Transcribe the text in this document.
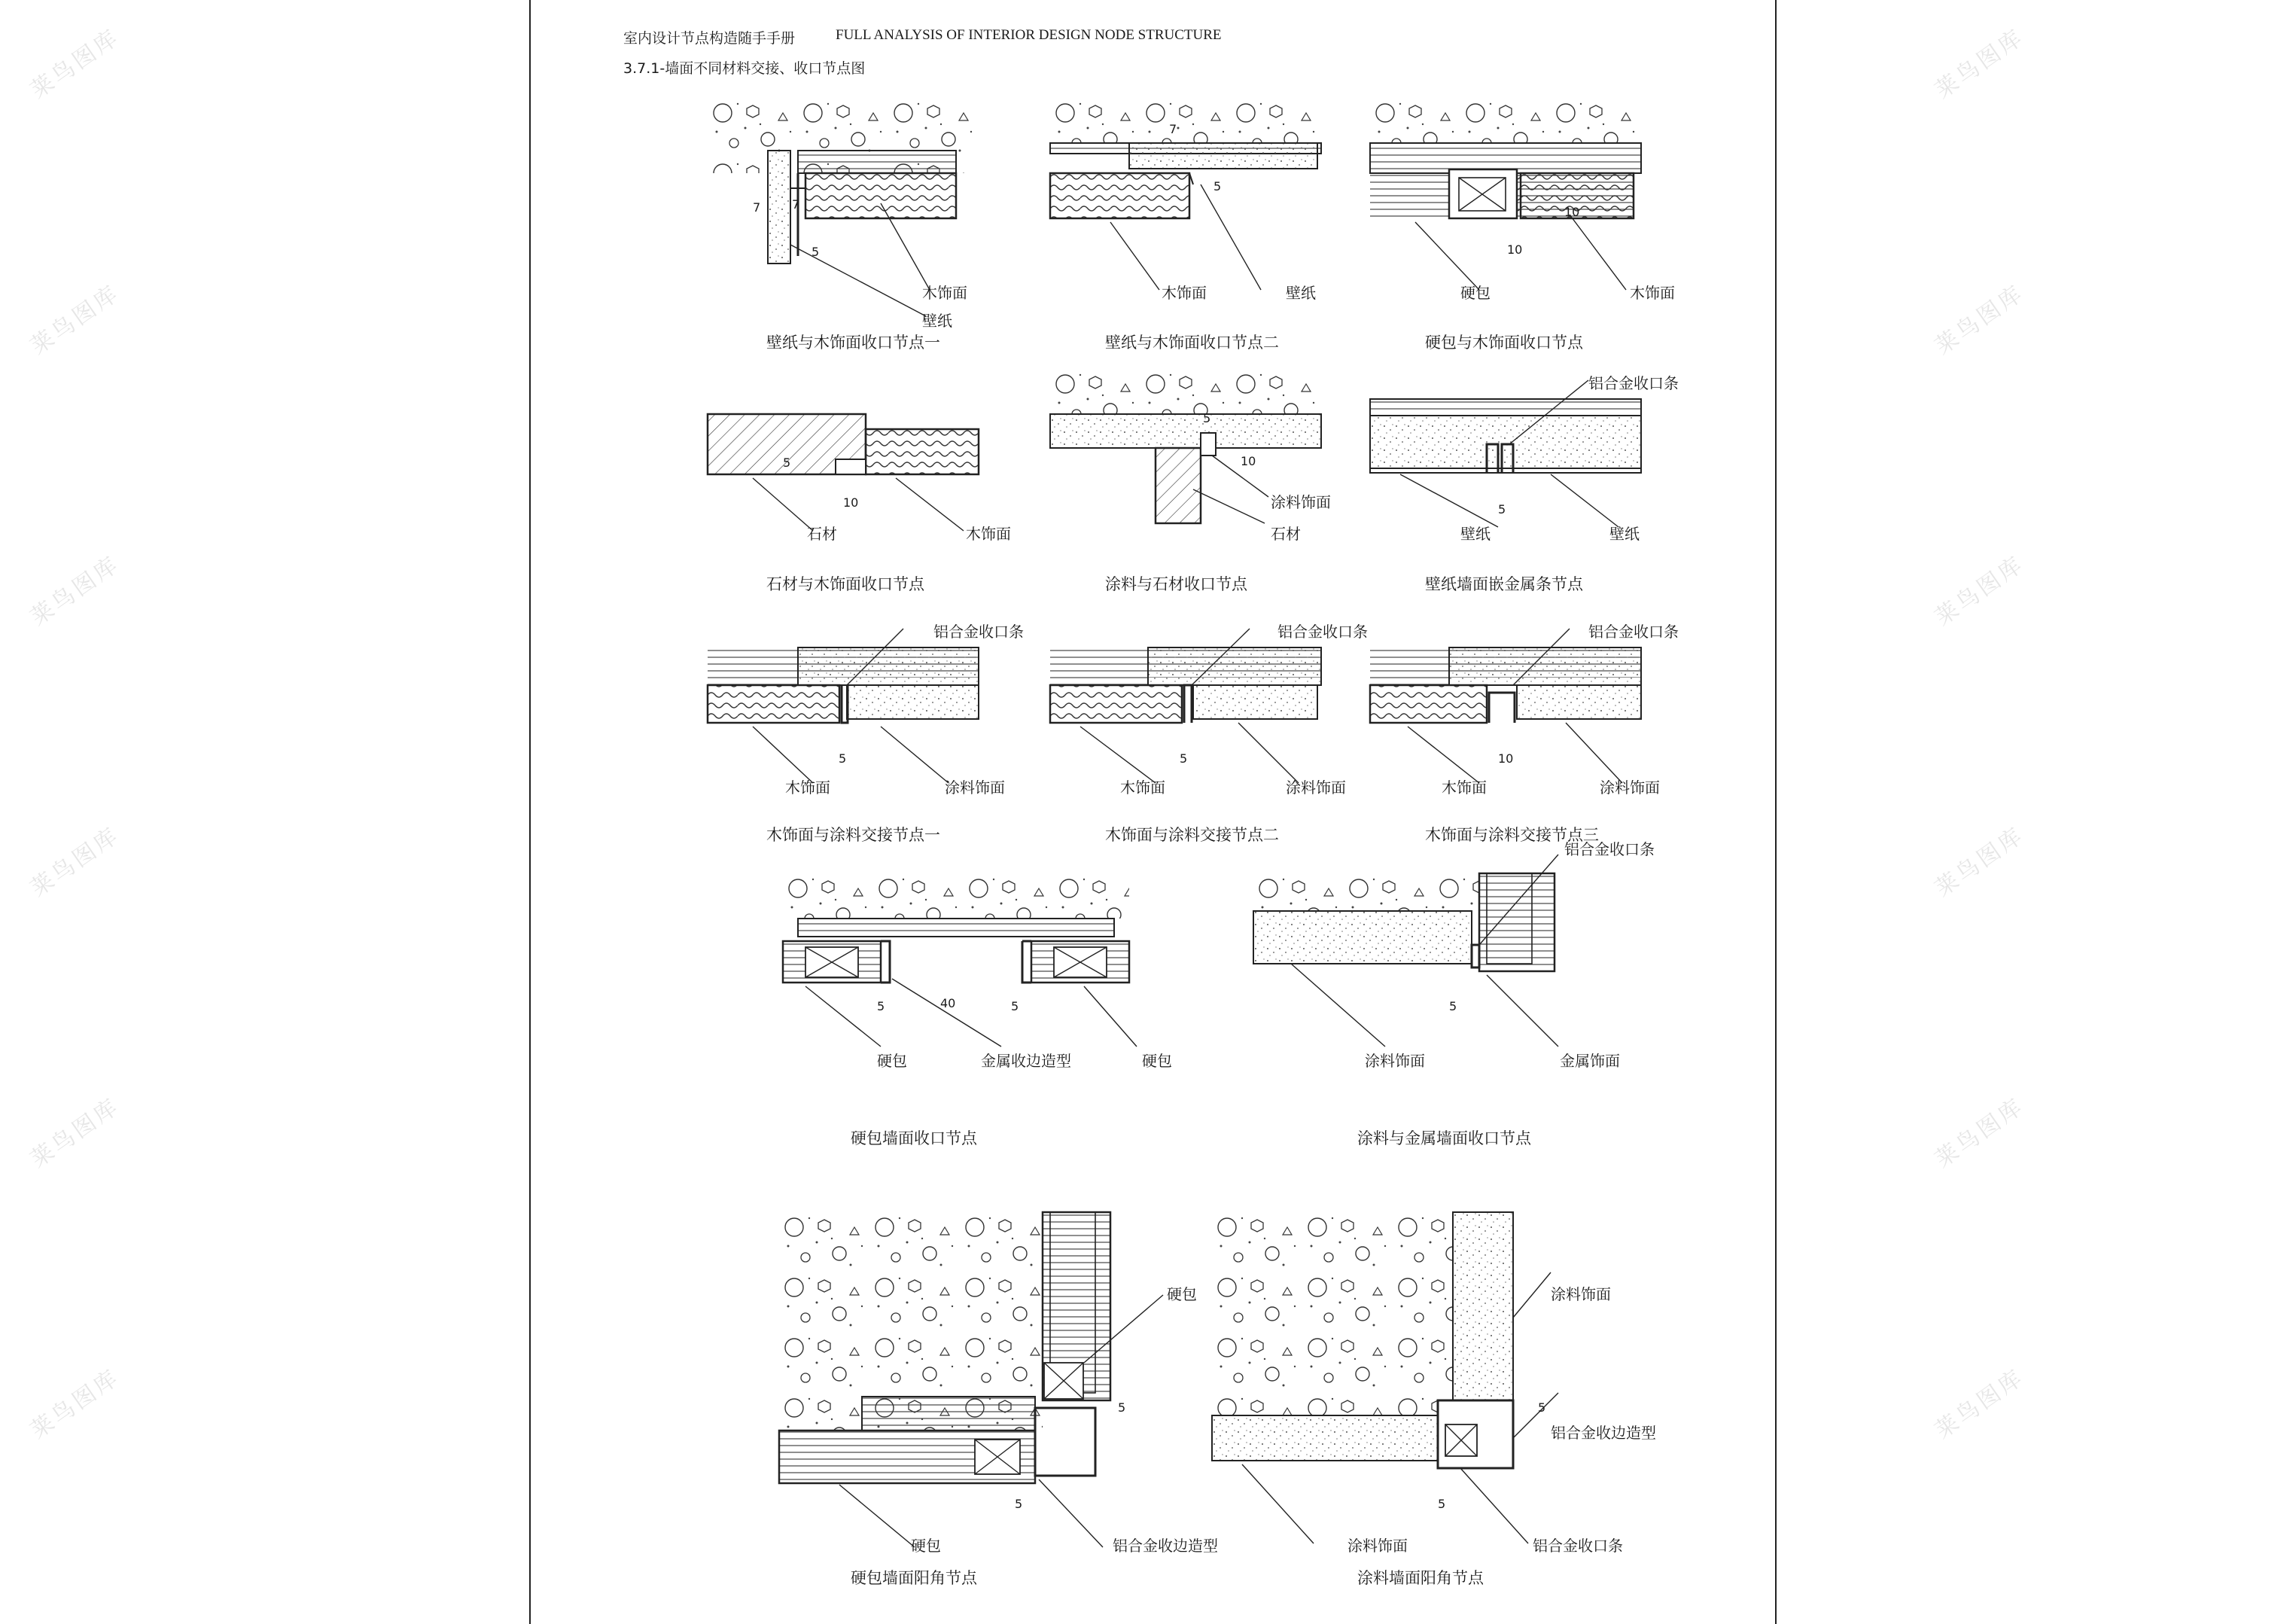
莱鸟图库
莱鸟图库
莱鸟图库
莱鸟图库
莱鸟图库
莱鸟图库
莱鸟图库
莱鸟图库
莱鸟图库
莱鸟图库
莱鸟图库
莱鸟图库
室内设计节点构造随手手册	FULL ANALYSIS OF INTERIOR DESIGN NODE STRUCTURE
3.7.1-墙面不同材料交接、收口节点图
7	7
5
木饰面
壁纸
壁纸与木饰面收口节点一
7
5
木饰面	壁纸
壁纸与木饰面收口节点二
10
10
硬包	木饰面
硬包与木饰面收口节点
5
10
石材	木饰面
石材与木饰面收口节点
5
10
涂料饰面
石材
涂料与石材收口节点
5
铝合金收口条
壁纸	壁纸
壁纸墙面嵌金属条节点
5
铝合金收口条
木饰面	涂料饰面
木饰面与涂料交接节点一
5
铝合金收口条
木饰面	涂料饰面
木饰面与涂料交接节点二
10
铝合金收口条
木饰面	涂料饰面
木饰面与涂料交接节点三
5	40	5
硬包	金属收边造型	硬包
硬包墙面收口节点
5
铝合金收口条
涂料饰面	金属饰面
涂料与金属墙面收口节点
5
5
硬包
硬包	铝合金收边造型
硬包墙面阳角节点
5
5
涂料饰面
铝合金收边造型
涂料饰面	铝合金收口条
涂料墙面阳角节点
